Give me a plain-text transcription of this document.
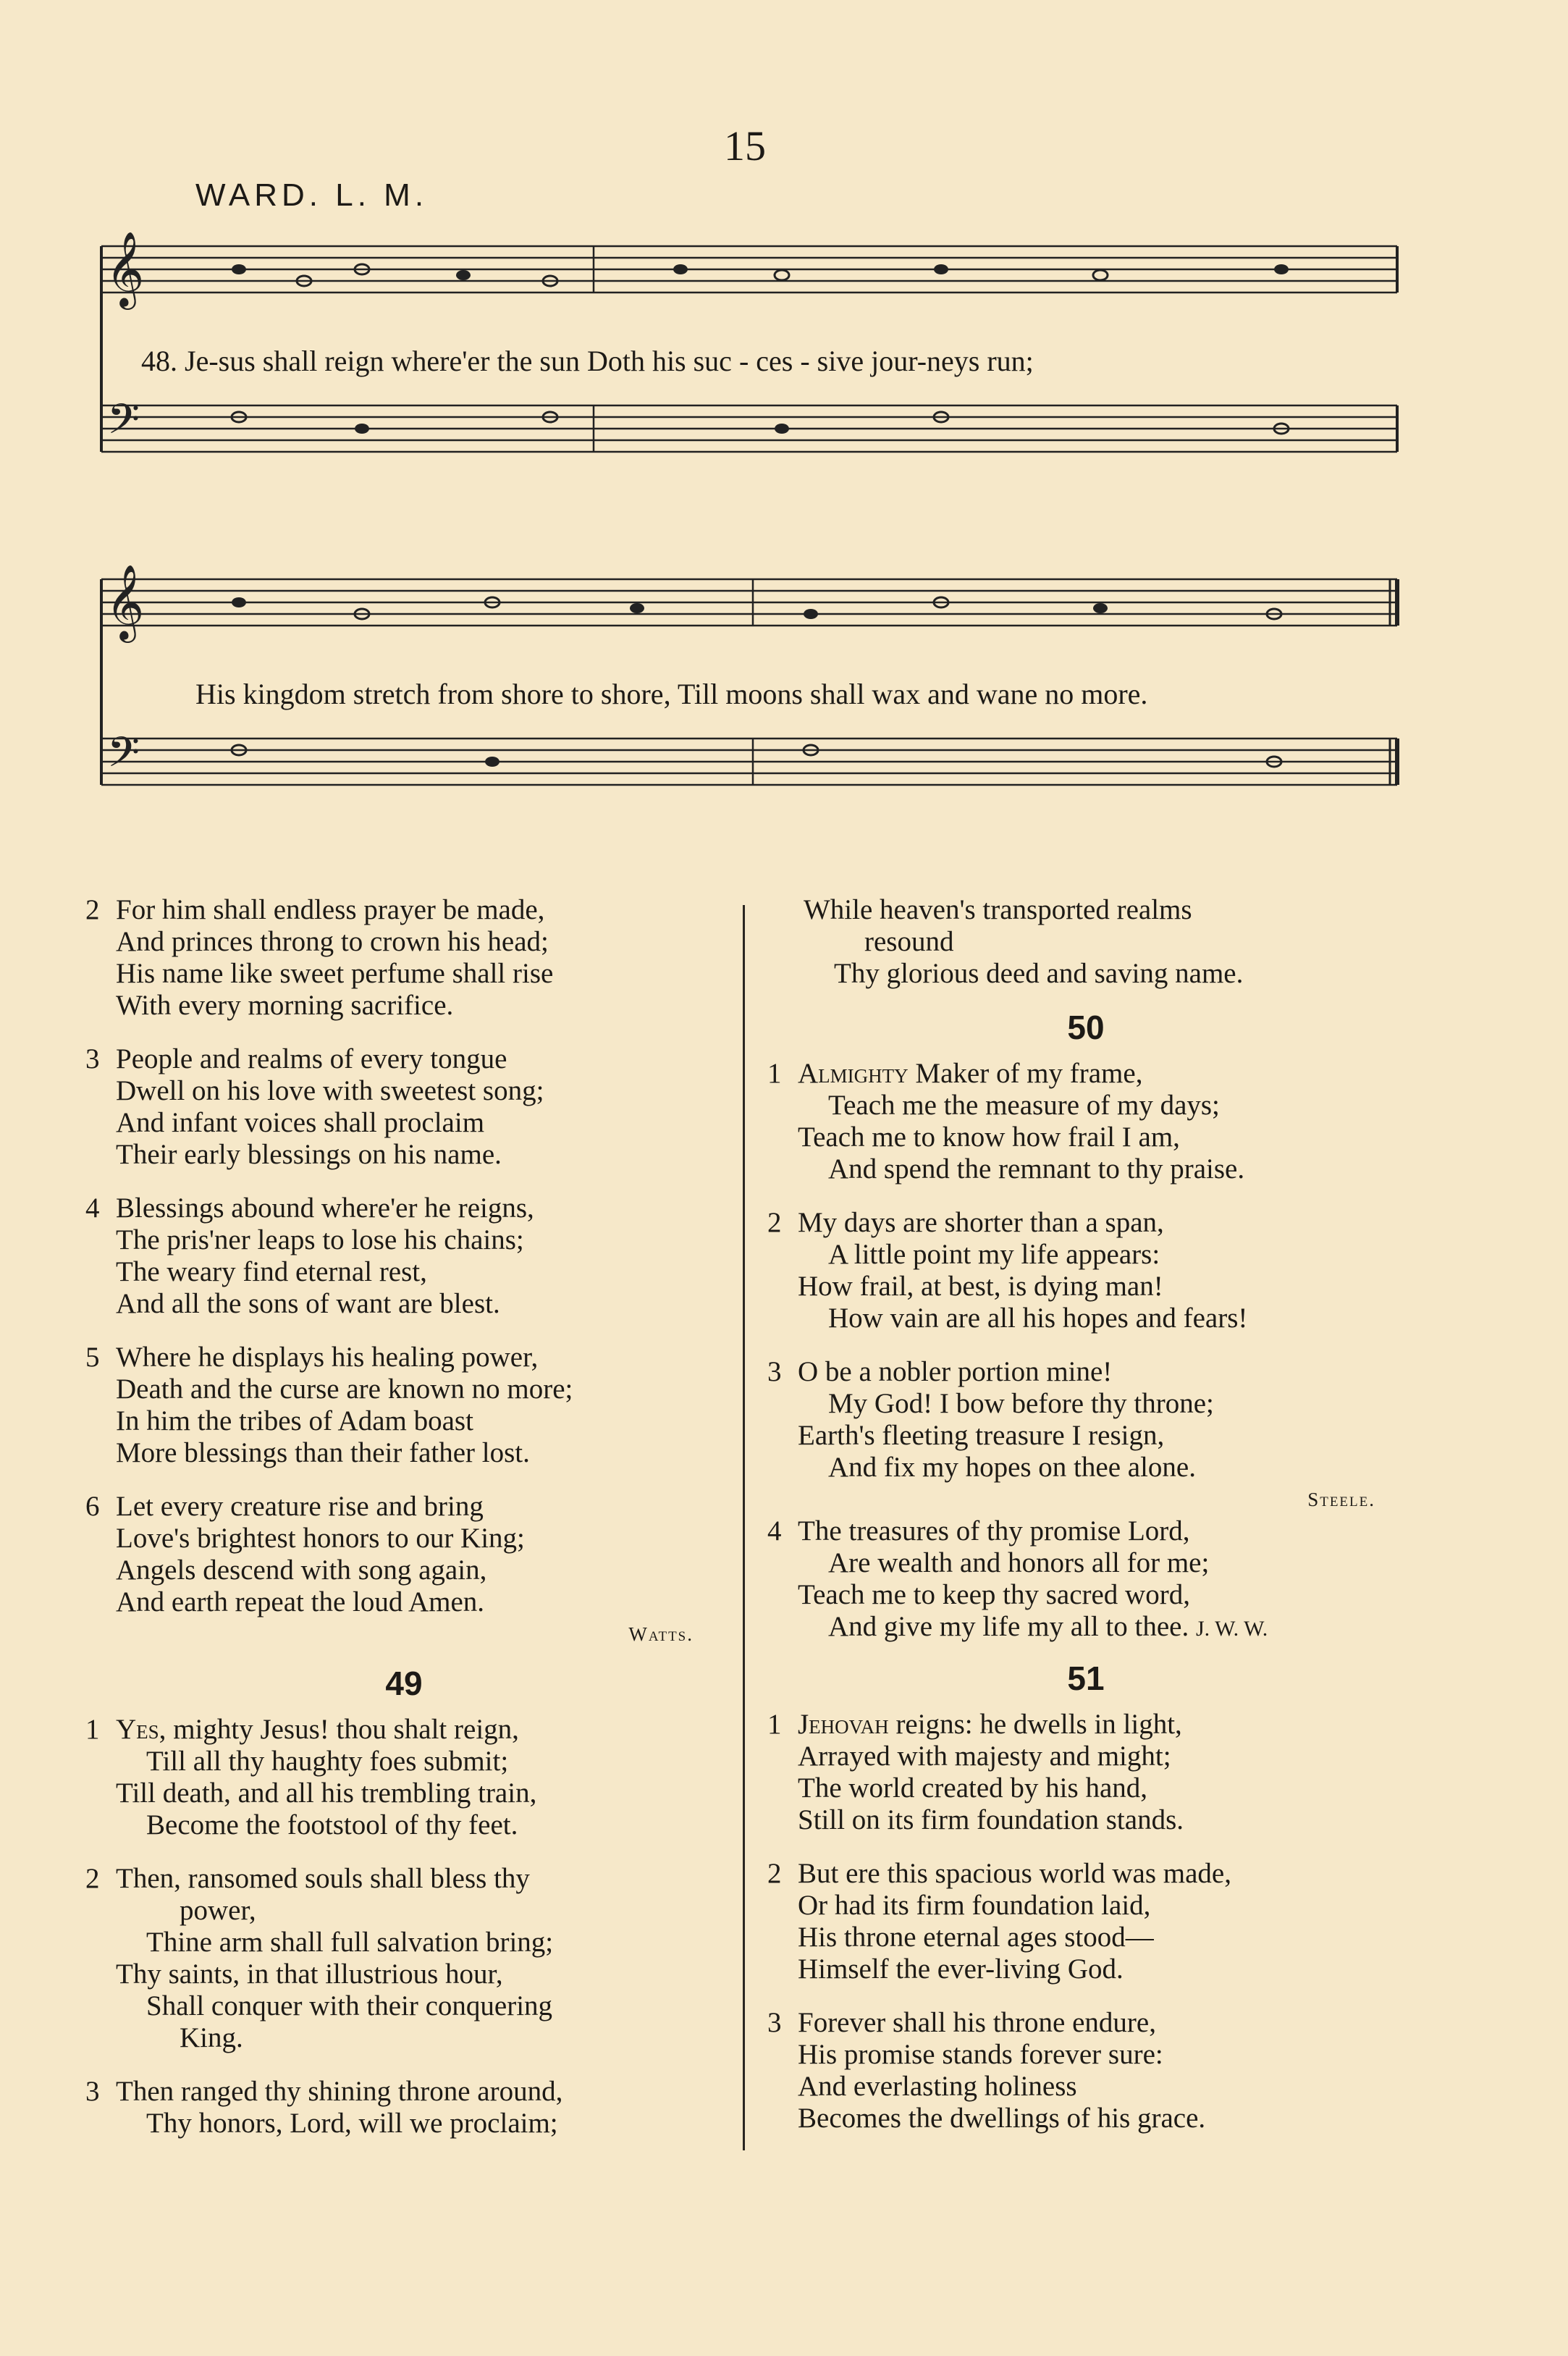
15
WARD. L. M.
𝄞
𝄢
48. Je-sus shall reign where'er the sun Doth his suc - ces - sive jour-neys run;
𝄞
𝄢
His kingdom stretch from shore to shore, Till moons shall wax and wane no more.
2 For him shall endless prayer be made,
And princes throng to crown his head;
His name like sweet perfume shall rise
With every morning sacrifice.
3 People and realms of every tongue
Dwell on his love with sweetest song;
And infant voices shall proclaim
Their early blessings on his name.
4 Blessings abound where'er he reigns,
The pris'ner leaps to lose his chains;
The weary find eternal rest,
And all the sons of want are blest.
5 Where he displays his healing power,
Death and the curse are known no more;
In him the tribes of Adam boast
More blessings than their father lost.
6 Let every creature rise and bring
Love's brightest honors to our King;
Angels descend with song again,
And earth repeat the loud Amen.
Watts.
49
1 Yes, mighty Jesus! thou shalt reign,
Till all thy haughty foes submit;
Till death, and all his trembling train,
Become the footstool of thy feet.
2 Then, ransomed souls shall bless thy
power,
Thine arm shall full salvation bring;
Thy saints, in that illustrious hour,
Shall conquer with their conquering
King.
3 Then ranged thy shining throne around,
Thy honors, Lord, will we proclaim;
While heaven's transported realms
resound
Thy glorious deed and saving name.
50
1 Almighty Maker of my frame,
Teach me the measure of my days;
Teach me to know how frail I am,
And spend the remnant to thy praise.
2 My days are shorter than a span,
A little point my life appears:
How frail, at best, is dying man!
How vain are all his hopes and fears!
3 O be a nobler portion mine!
My God! I bow before thy throne;
Earth's fleeting treasure I resign,
And fix my hopes on thee alone.
Steele.
4 The treasures of thy promise Lord,
Are wealth and honors all for me;
Teach me to keep thy sacred word,
And give my life my all to thee. J. W. W.
51
1 Jehovah reigns: he dwells in light,
Arrayed with majesty and might;
The world created by his hand,
Still on its firm foundation stands.
2 But ere this spacious world was made,
Or had its firm foundation laid,
His throne eternal ages stood—
Himself the ever-living God.
3 Forever shall his throne endure,
His promise stands forever sure:
And everlasting holiness
Becomes the dwellings of his grace.
